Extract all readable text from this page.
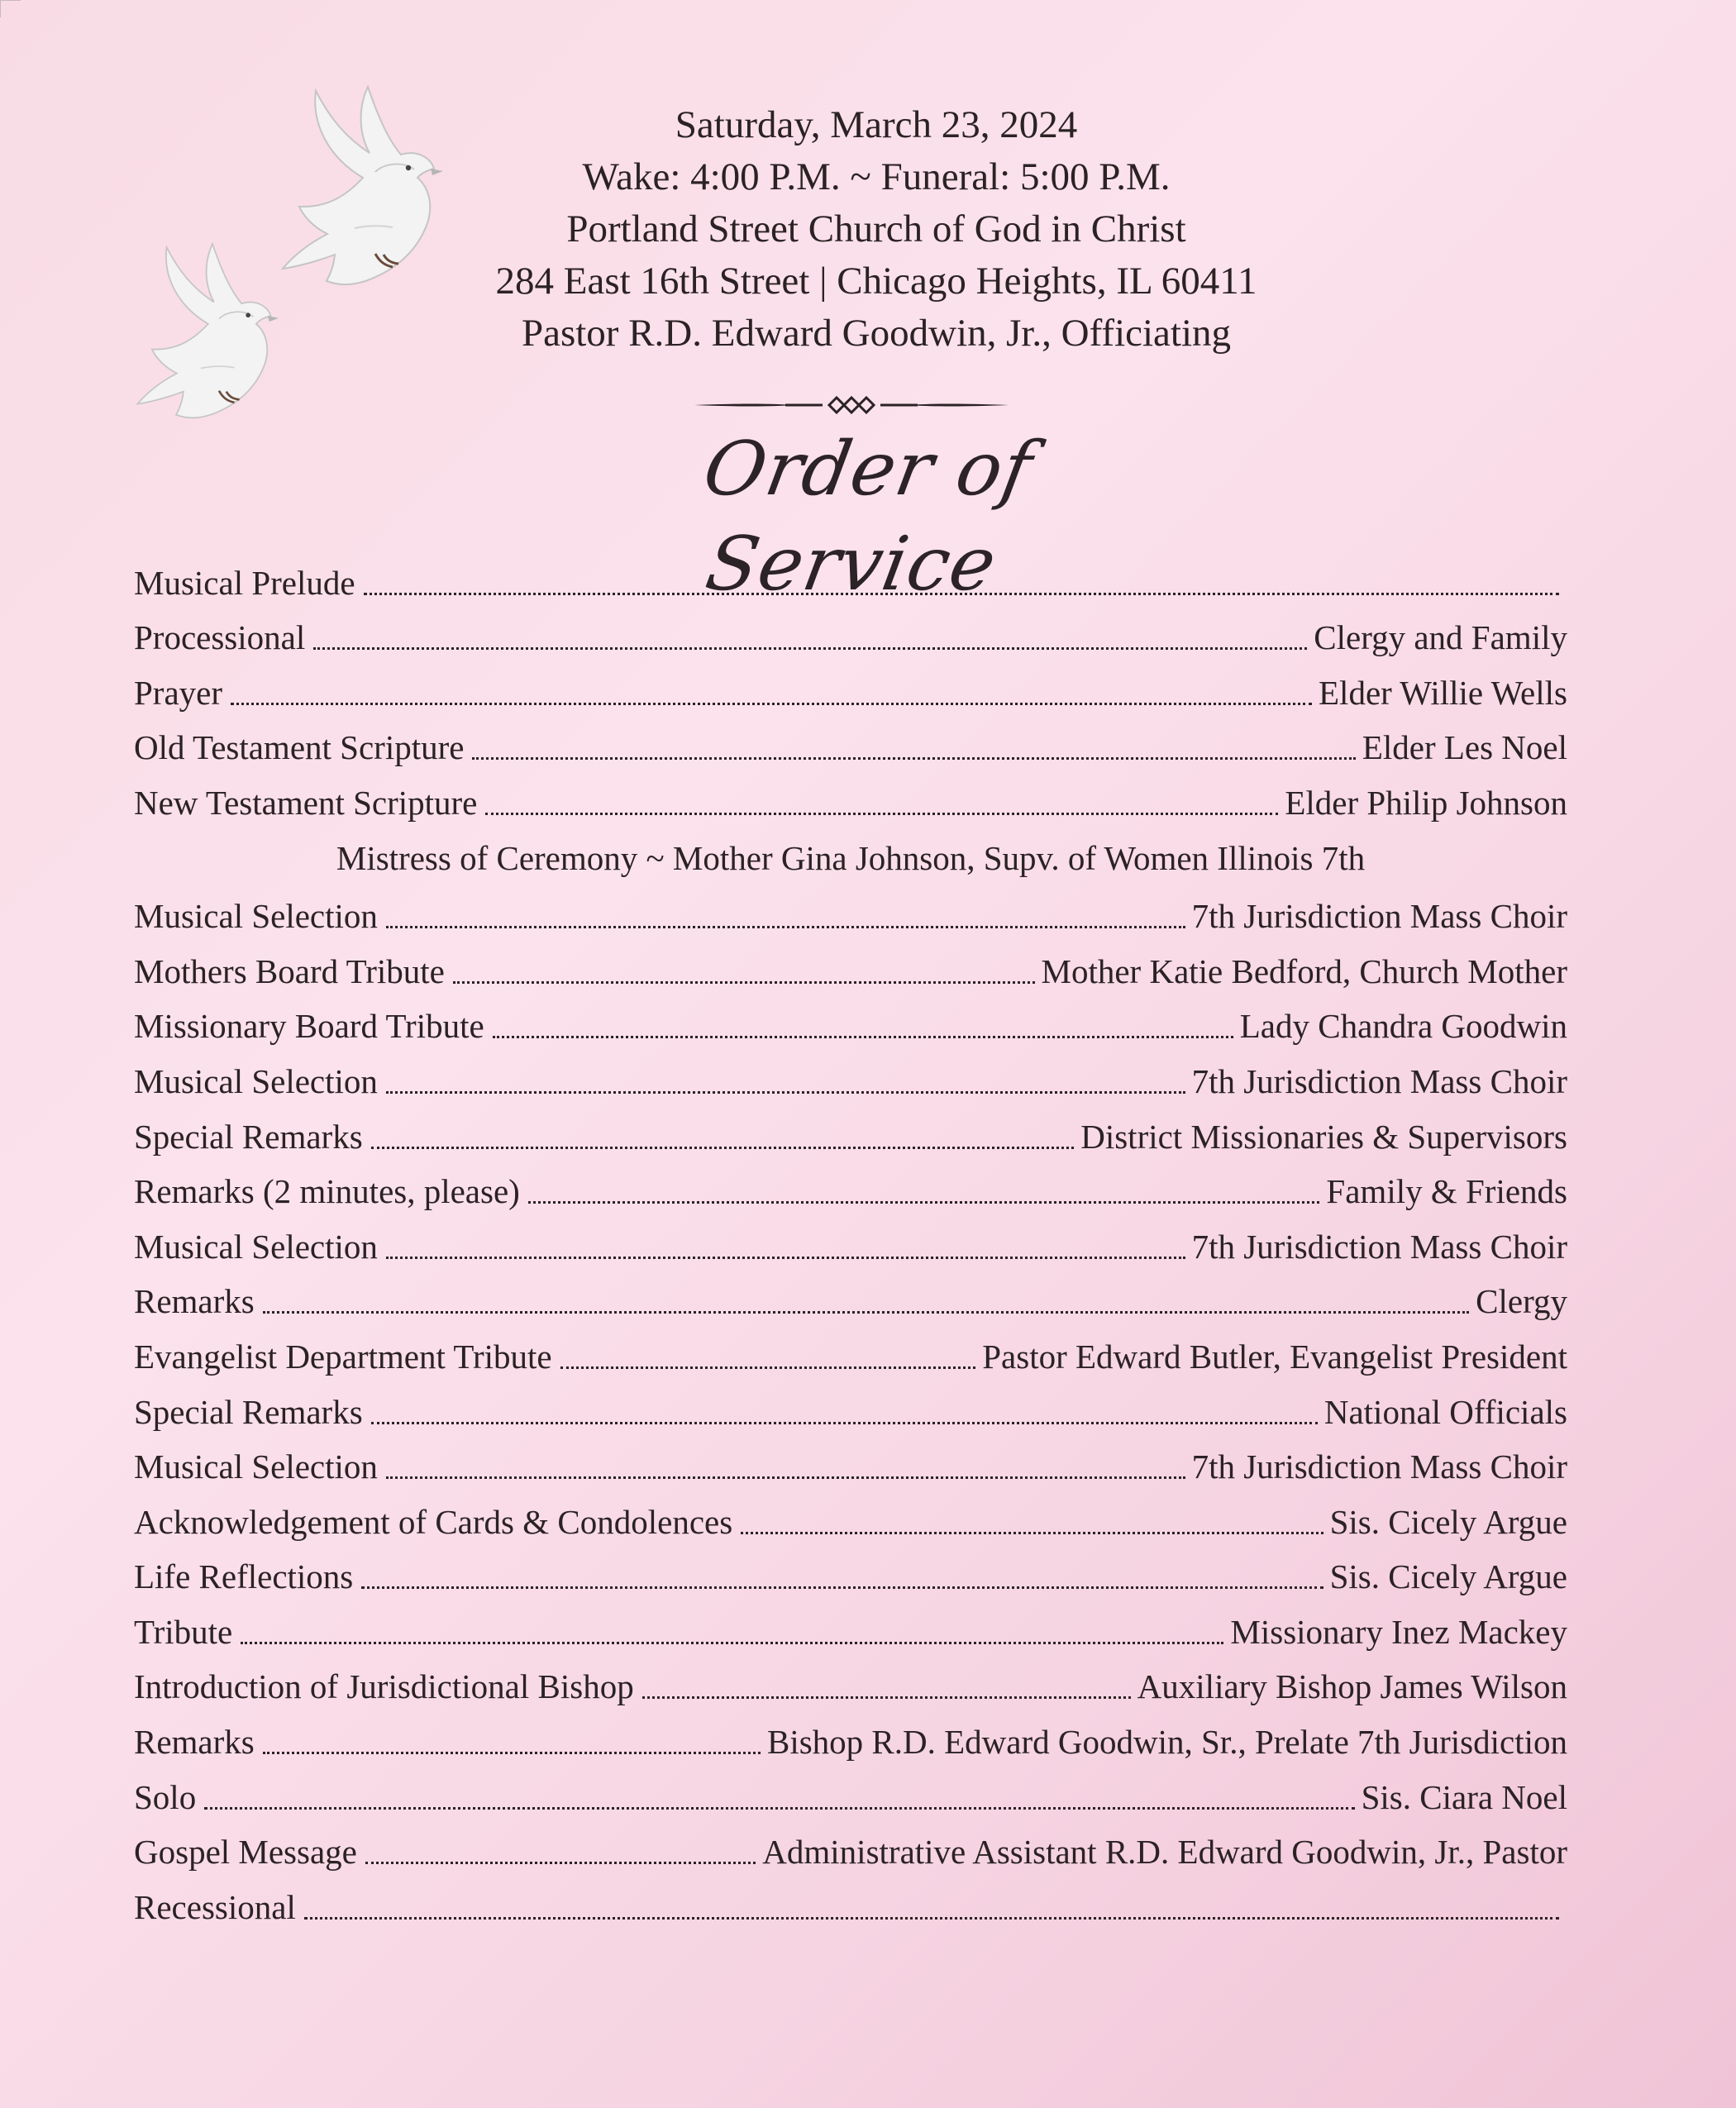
Saturday, March 23, 2024
Wake: 4:00 P.M. ~ Funeral: 5:00 P.M.
Portland Street Church of God in Christ
284 East 16th Street | Chicago Heights, IL 60411
Pastor R.D. Edward Goodwin, Jr., Officiating
Order of Service
Musical Prelude
Processional	Clergy and Family
Prayer	Elder Willie Wells
Old Testament Scripture	Elder Les Noel
New Testament Scripture	Elder Philip Johnson
Mistress of Ceremony ~ Mother Gina Johnson, Supv. of Women Illinois 7th
Musical Selection	7th Jurisdiction Mass Choir
Mothers Board Tribute	Mother Katie Bedford, Church Mother
Missionary Board Tribute	Lady Chandra Goodwin
Musical Selection	7th Jurisdiction Mass Choir
Special Remarks	District Missionaries & Supervisors
Remarks (2 minutes, please)	Family & Friends
Musical Selection	7th Jurisdiction Mass Choir
Remarks	Clergy
Evangelist Department Tribute	Pastor Edward Butler, Evangelist President
Special Remarks	National Officials
Musical Selection	7th Jurisdiction Mass Choir
Acknowledgement of Cards & Condolences	Sis. Cicely Argue
Life Reflections	Sis. Cicely Argue
Tribute	Missionary Inez Mackey
Introduction of Jurisdictional Bishop	Auxiliary Bishop James Wilson
Remarks	Bishop R.D. Edward Goodwin, Sr., Prelate 7th Jurisdiction
Solo	Sis. Ciara Noel
Gospel Message	Administrative Assistant R.D. Edward Goodwin, Jr., Pastor
Recessional
